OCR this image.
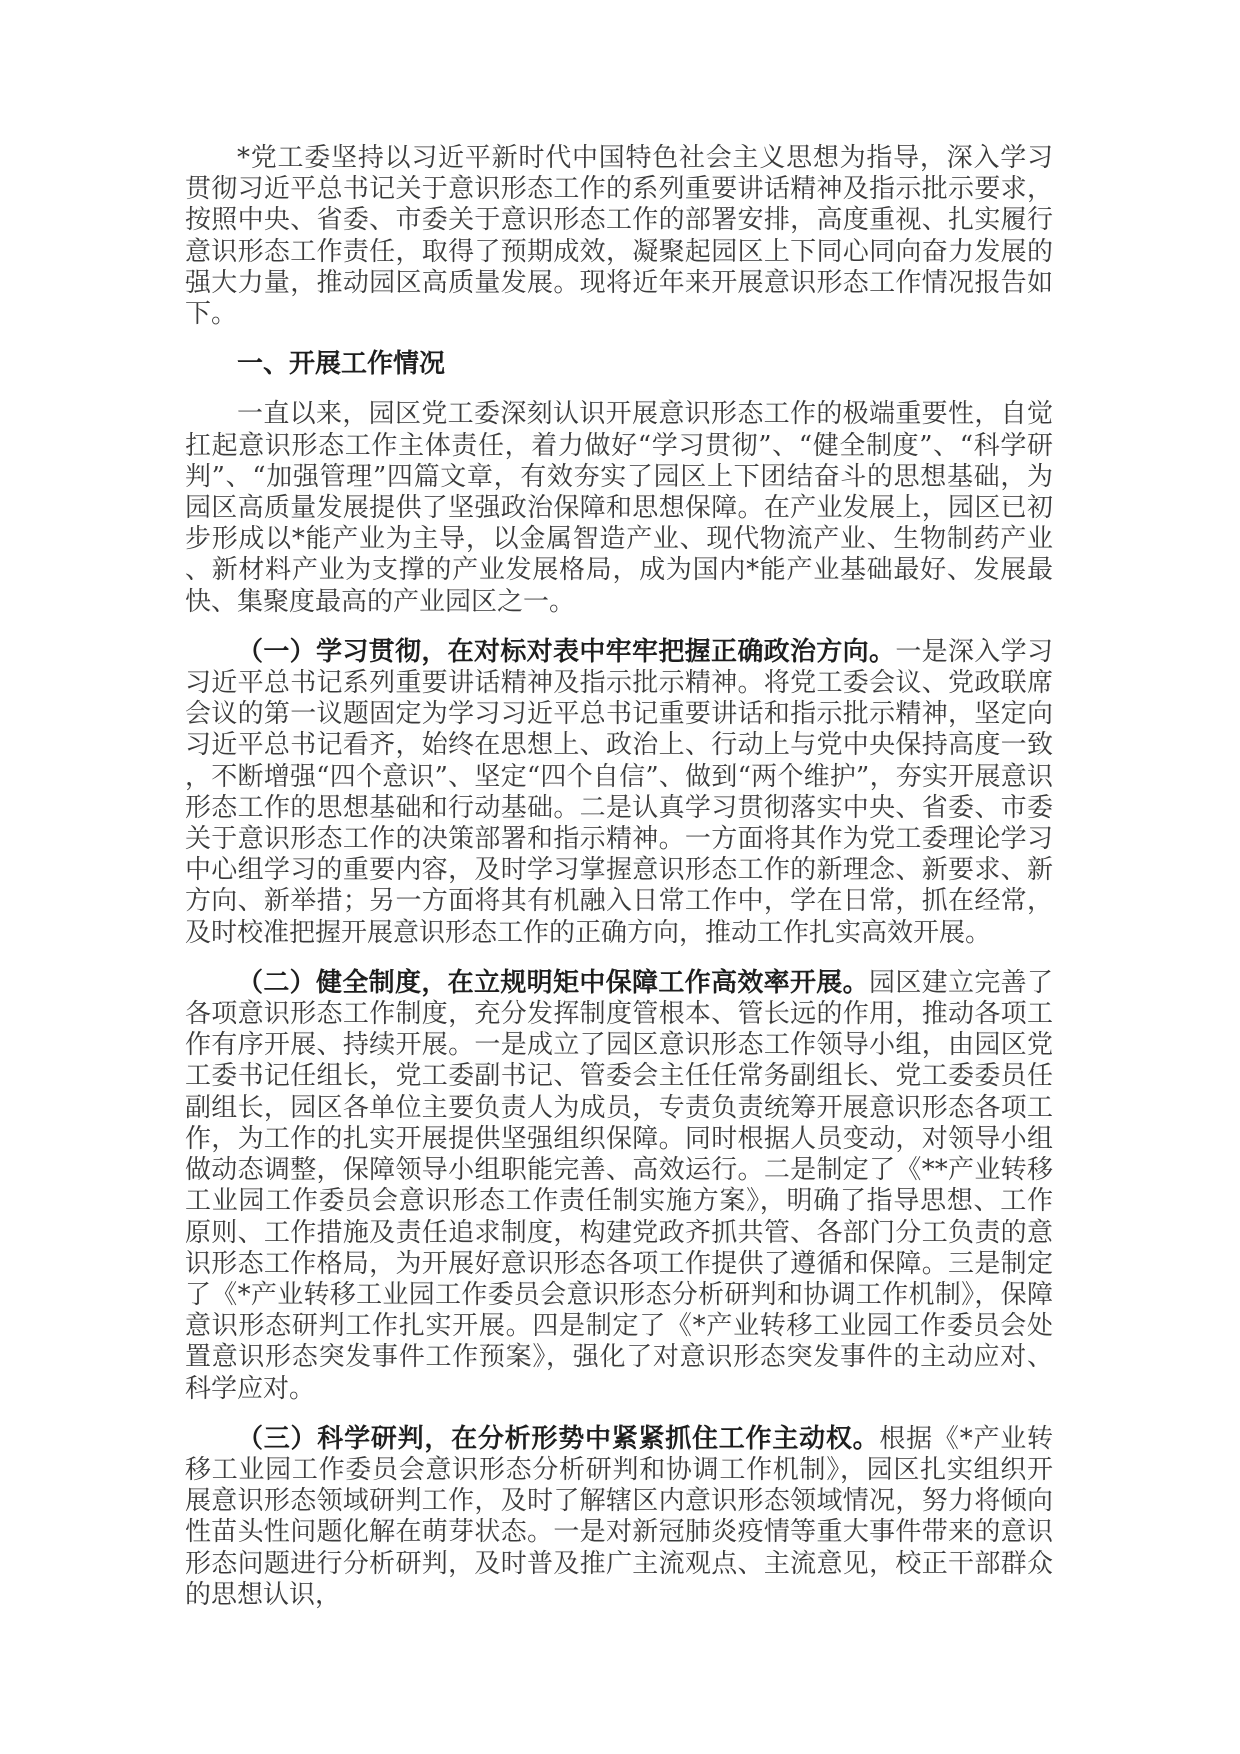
*党工委坚持以习近平新时代中国特色社会主义思想为指导，深入学习贯彻习近平总书记关于意识形态工作的系列重要讲话精神及指示批示要求，按照中央、省委、市委关于意识形态工作的部署安排，高度重视、扎实履行意识形态工作责任，取得了预期成效，凝聚起园区上下同心同向奋力发展的强大力量，推动园区高质量发展。现将近年来开展意识形态工作情况报告如下。

一、开展工作情况

一直以来，园区党工委深刻认识开展意识形态工作的极端重要性，自觉扛起意识形态工作主体责任，着力做好“学习贯彻”、“健全制度”、“科学研判”、“加强管理”四篇文章，有效夯实了园区上下团结奋斗的思想基础，为园区高质量发展提供了坚强政治保障和思想保障。在产业发展上，园区已初步形成以*能产业为主导，以金属智造产业、现代物流产业、生物制药产业、新材料产业为支撑的产业发展格局，成为国内*能产业基础最好、发展最快、集聚度最高的产业园区之一。

（一）学习贯彻，在对标对表中牢牢把握正确政治方向。一是深入学习习近平总书记系列重要讲话精神及指示批示精神。将党工委会议、党政联席会议的第一议题固定为学习习近平总书记重要讲话和指示批示精神，坚定向习近平总书记看齐，始终在思想上、政治上、行动上与党中央保持高度一致，不断增强“四个意识”、坚定“四个自信”、做到“两个维护”，夯实开展意识形态工作的思想基础和行动基础。二是认真学习贯彻落实中央、省委、市委关于意识形态工作的决策部署和指示精神。一方面将其作为党工委理论学习中心组学习的重要内容，及时学习掌握意识形态工作的新理念、新要求、新方向、新举措；另一方面将其有机融入日常工作中，学在日常，抓在经常，及时校准把握开展意识形态工作的正确方向，推动工作扎实高效开展。

（二）健全制度，在立规明矩中保障工作高效率开展。园区建立完善了各项意识形态工作制度，充分发挥制度管根本、管长远的作用，推动各项工作有序开展、持续开展。一是成立了园区意识形态工作领导小组，由园区党工委书记任组长，党工委副书记、管委会主任任常务副组长、党工委委员任副组长，园区各单位主要负责人为成员，专责负责统筹开展意识形态各项工作，为工作的扎实开展提供坚强组织保障。同时根据人员变动，对领导小组做动态调整，保障领导小组职能完善、高效运行。二是制定了《**产业转移工业园工作委员会意识形态工作责任制实施方案》，明确了指导思想、工作原则、工作措施及责任追求制度，构建党政齐抓共管、各部门分工负责的意识形态工作格局，为开展好意识形态各项工作提供了遵循和保障。三是制定了《*产业转移工业园工作委员会意识形态分析研判和协调工作机制》，保障意识形态研判工作扎实开展。四是制定了《*产业转移工业园工作委员会处置意识形态突发事件工作预案》，强化了对意识形态突发事件的主动应对、科学应对。

（三）科学研判，在分析形势中紧紧抓住工作主动权。根据《*产业转移工业园工作委员会意识形态分析研判和协调工作机制》，园区扎实组织开展意识形态领域研判工作，及时了解辖区内意识形态领域情况，努力将倾向性苗头性问题化解在萌芽状态。一是对新冠肺炎疫情等重大事件带来的意识形态问题进行分析研判，及时普及推广主流观点、主流意见，校正干部群众的思想认识，
